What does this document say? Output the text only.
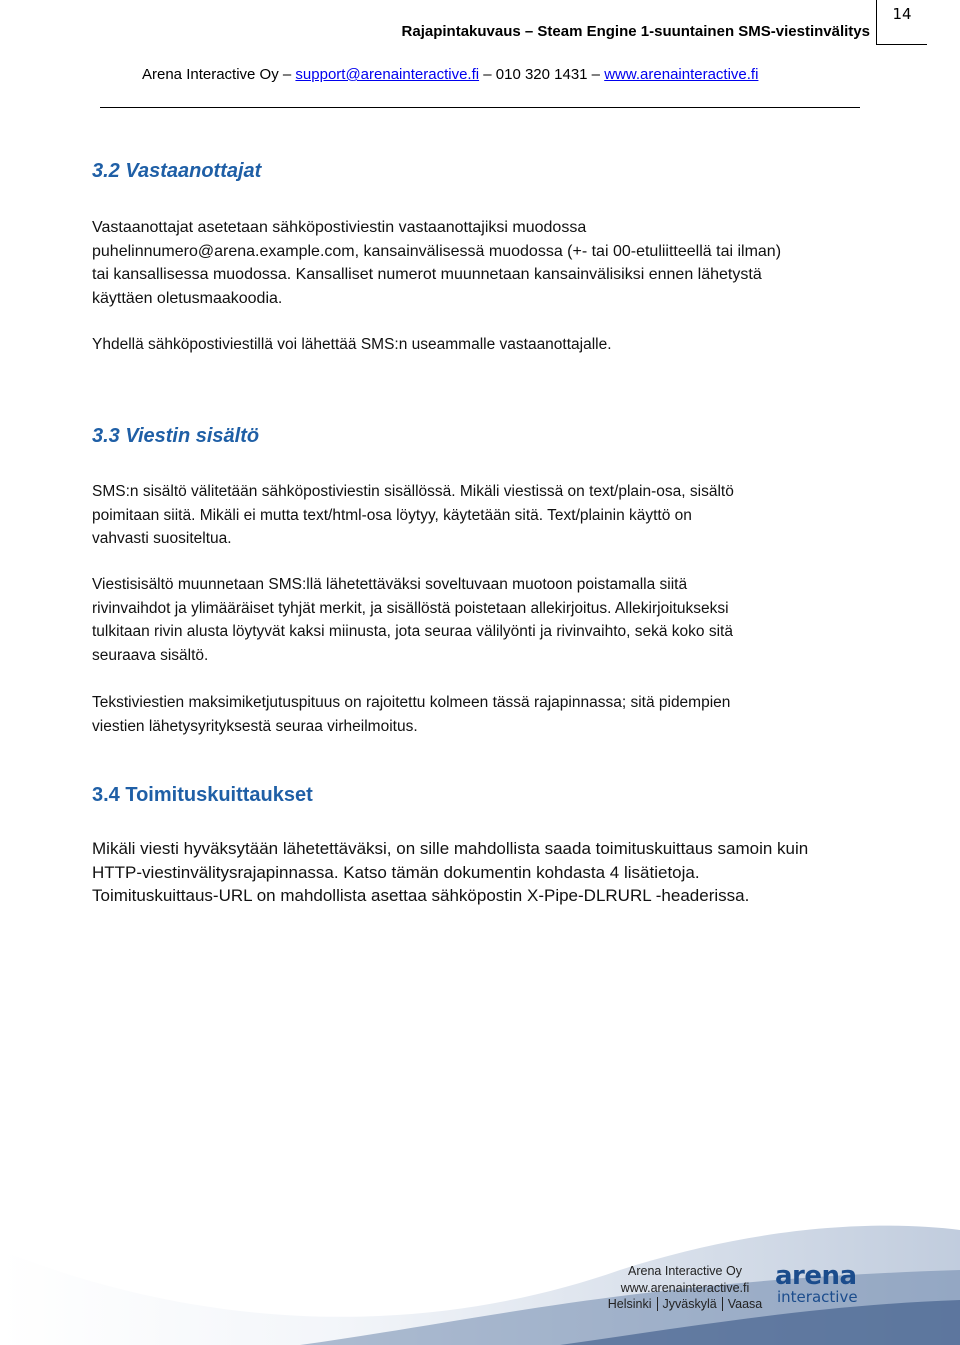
14
Rajapintakuvaus – Steam Engine 1-suuntainen SMS-viestinvälitys
Arena Interactive Oy – support@arenainteractive.fi – 010 320 1431 – www.arenainteractive.fi
3.2 Vastaanottajat
Vastaanottajat asetetaan sähköpostiviestin vastaanottajiksi muodossa
puhelinnumero@arena.example.com, kansainvälisessä muodossa (+- tai 00-etuliitteellä tai ilman)
tai kansallisessa muodossa. Kansalliset numerot muunnetaan kansainvälisiksi ennen lähetystä
käyttäen oletusmaakoodia.
Yhdellä sähköpostiviestillä voi lähettää SMS:n useammalle vastaanottajalle.
3.3 Viestin sisältö
SMS:n sisältö välitetään sähköpostiviestin sisällössä. Mikäli viestissä on text/plain-osa, sisältö
poimitaan siitä. Mikäli ei mutta text/html-osa löytyy, käytetään sitä. Text/plainin käyttö on
vahvasti suositeltua.
Viestisisältö muunnetaan SMS:llä lähetettäväksi soveltuvaan muotoon poistamalla siitä
rivinvaihdot ja ylimääräiset tyhjät merkit, ja sisällöstä poistetaan allekirjoitus. Allekirjoitukseksi
tulkitaan rivin alusta löytyvät kaksi miinusta, jota seuraa välilyönti ja rivinvaihto, sekä koko sitä
seuraava sisältö.
Tekstiviestien maksimiketjutuspituus on rajoitettu kolmeen tässä rajapinnassa; sitä pidempien
viestien lähetysyrityksestä seuraa virheilmoitus.
3.4 Toimituskuittaukset
Mikäli viesti hyväksytään lähetettäväksi, on sille mahdollista saada toimituskuittaus samoin kuin
HTTP-viestinvälitysrajapinnassa. Katso tämän dokumentin kohdasta 4 lisätietoja.
Toimituskuittaus-URL on mahdollista asettaa sähköpostin X-Pipe-DLRURL -headerissa.
Arena Interactive Oy
www.arenainteractive.fi
Helsinki Jyväskylä Vaasa
arena
interactive
